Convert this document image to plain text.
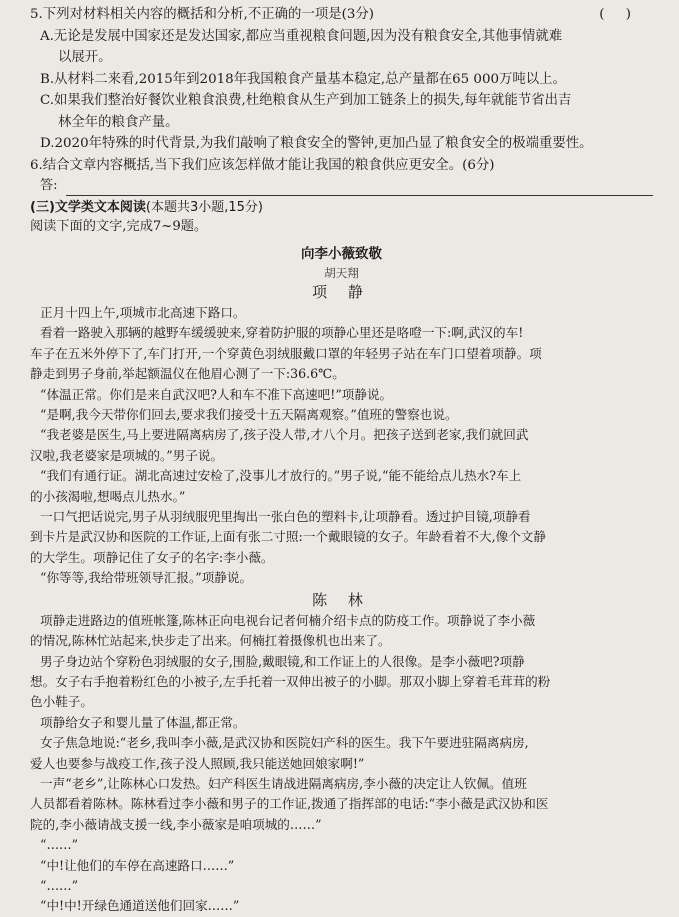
(     )
5.下列对材料相关内容的概括和分析,不正确的一项是(3分)
A.无论是发展中国家还是发达国家,都应当重视粮食问题,因为没有粮食安全,其他事情就难
以展开。
B.从材料二来看,2015年到2018年我国粮食产量基本稳定,总产量都在65 000万吨以上。
C.如果我们整治好餐饮业粮食浪费,杜绝粮食从生产到加工链条上的损失,每年就能节省出吉
林全年的粮食产量。
D.2020年特殊的时代背景,为我们敲响了粮食安全的警钟,更加凸显了粮食安全的极端重要性。
6.结合文章内容概括,当下我们应该怎样做才能让我国的粮食供应更安全。(6分)
答:
(三)文学类文本阅读(本题共3小题,15分)
阅读下面的文字,完成7~9题。
向李小薇致敬
胡天翔
项 静
正月十四上午,项城市北高速下路口。
看着一路驶入那辆的越野车缓缓驶来,穿着防护服的项静心里还是咯噔一下:啊,武汉的车!
车子在五米外停下了,车门打开,一个穿黄色羽绒服戴口罩的年轻男子站在车门口望着项静。项
静走到男子身前,举起额温仪在他眉心测了一下:36.6℃。
“体温正常。你们是来自武汉吧?人和车不准下高速吧!”项静说。
“是啊,我今天带你们回去,要求我们接受十五天隔离观察。”值班的警察也说。
“我老婆是医生,马上要进隔离病房了,孩子没人带,才八个月。把孩子送到老家,我们就回武
汉啦,我老婆家是项城的。”男子说。
“我们有通行证。湖北高速过安检了,没事儿才放行的。”男子说,“能不能给点儿热水?车上
的小孩渴啦,想喝点儿热水。”
一口气把话说完,男子从羽绒服兜里掏出一张白色的塑料卡,让项静看。透过护目镜,项静看
到卡片是武汉协和医院的工作证,上面有张二寸照:一个戴眼镜的女子。年龄看着不大,像个文静
的大学生。项静记住了女子的名字:李小薇。
“你等等,我给带班领导汇报。”项静说。
陈 林
项静走进路边的值班帐篷,陈林正向电视台记者何楠介绍卡点的防疫工作。项静说了李小薇
的情况,陈林忙站起来,快步走了出来。何楠扛着摄像机也出来了。
男子身边站个穿粉色羽绒服的女子,围脸,戴眼镜,和工作证上的人很像。是李小薇吧?项静
想。女子右手抱着粉红色的小被子,左手托着一双伸出被子的小脚。那双小脚上穿着毛茸茸的粉
色小鞋子。
项静给女子和婴儿量了体温,都正常。
女子焦急地说:“老乡,我叫李小薇,是武汉协和医院妇产科的医生。我下午要进驻隔离病房,
爱人也要参与战疫工作,孩子没人照顾,我只能送她回娘家啊!”
一声“老乡”,让陈林心口发热。妇产科医生请战进隔离病房,李小薇的决定让人钦佩。值班
人员都看着陈林。陈林看过李小薇和男子的工作证,拨通了指挥部的电话:“李小薇是武汉协和医
院的,李小薇请战支援一线,李小薇家是咱项城的……”
“……”
“中!让他们的车停在高速路口……”
“……”
“中!中!开绿色通道送他们回家……”
